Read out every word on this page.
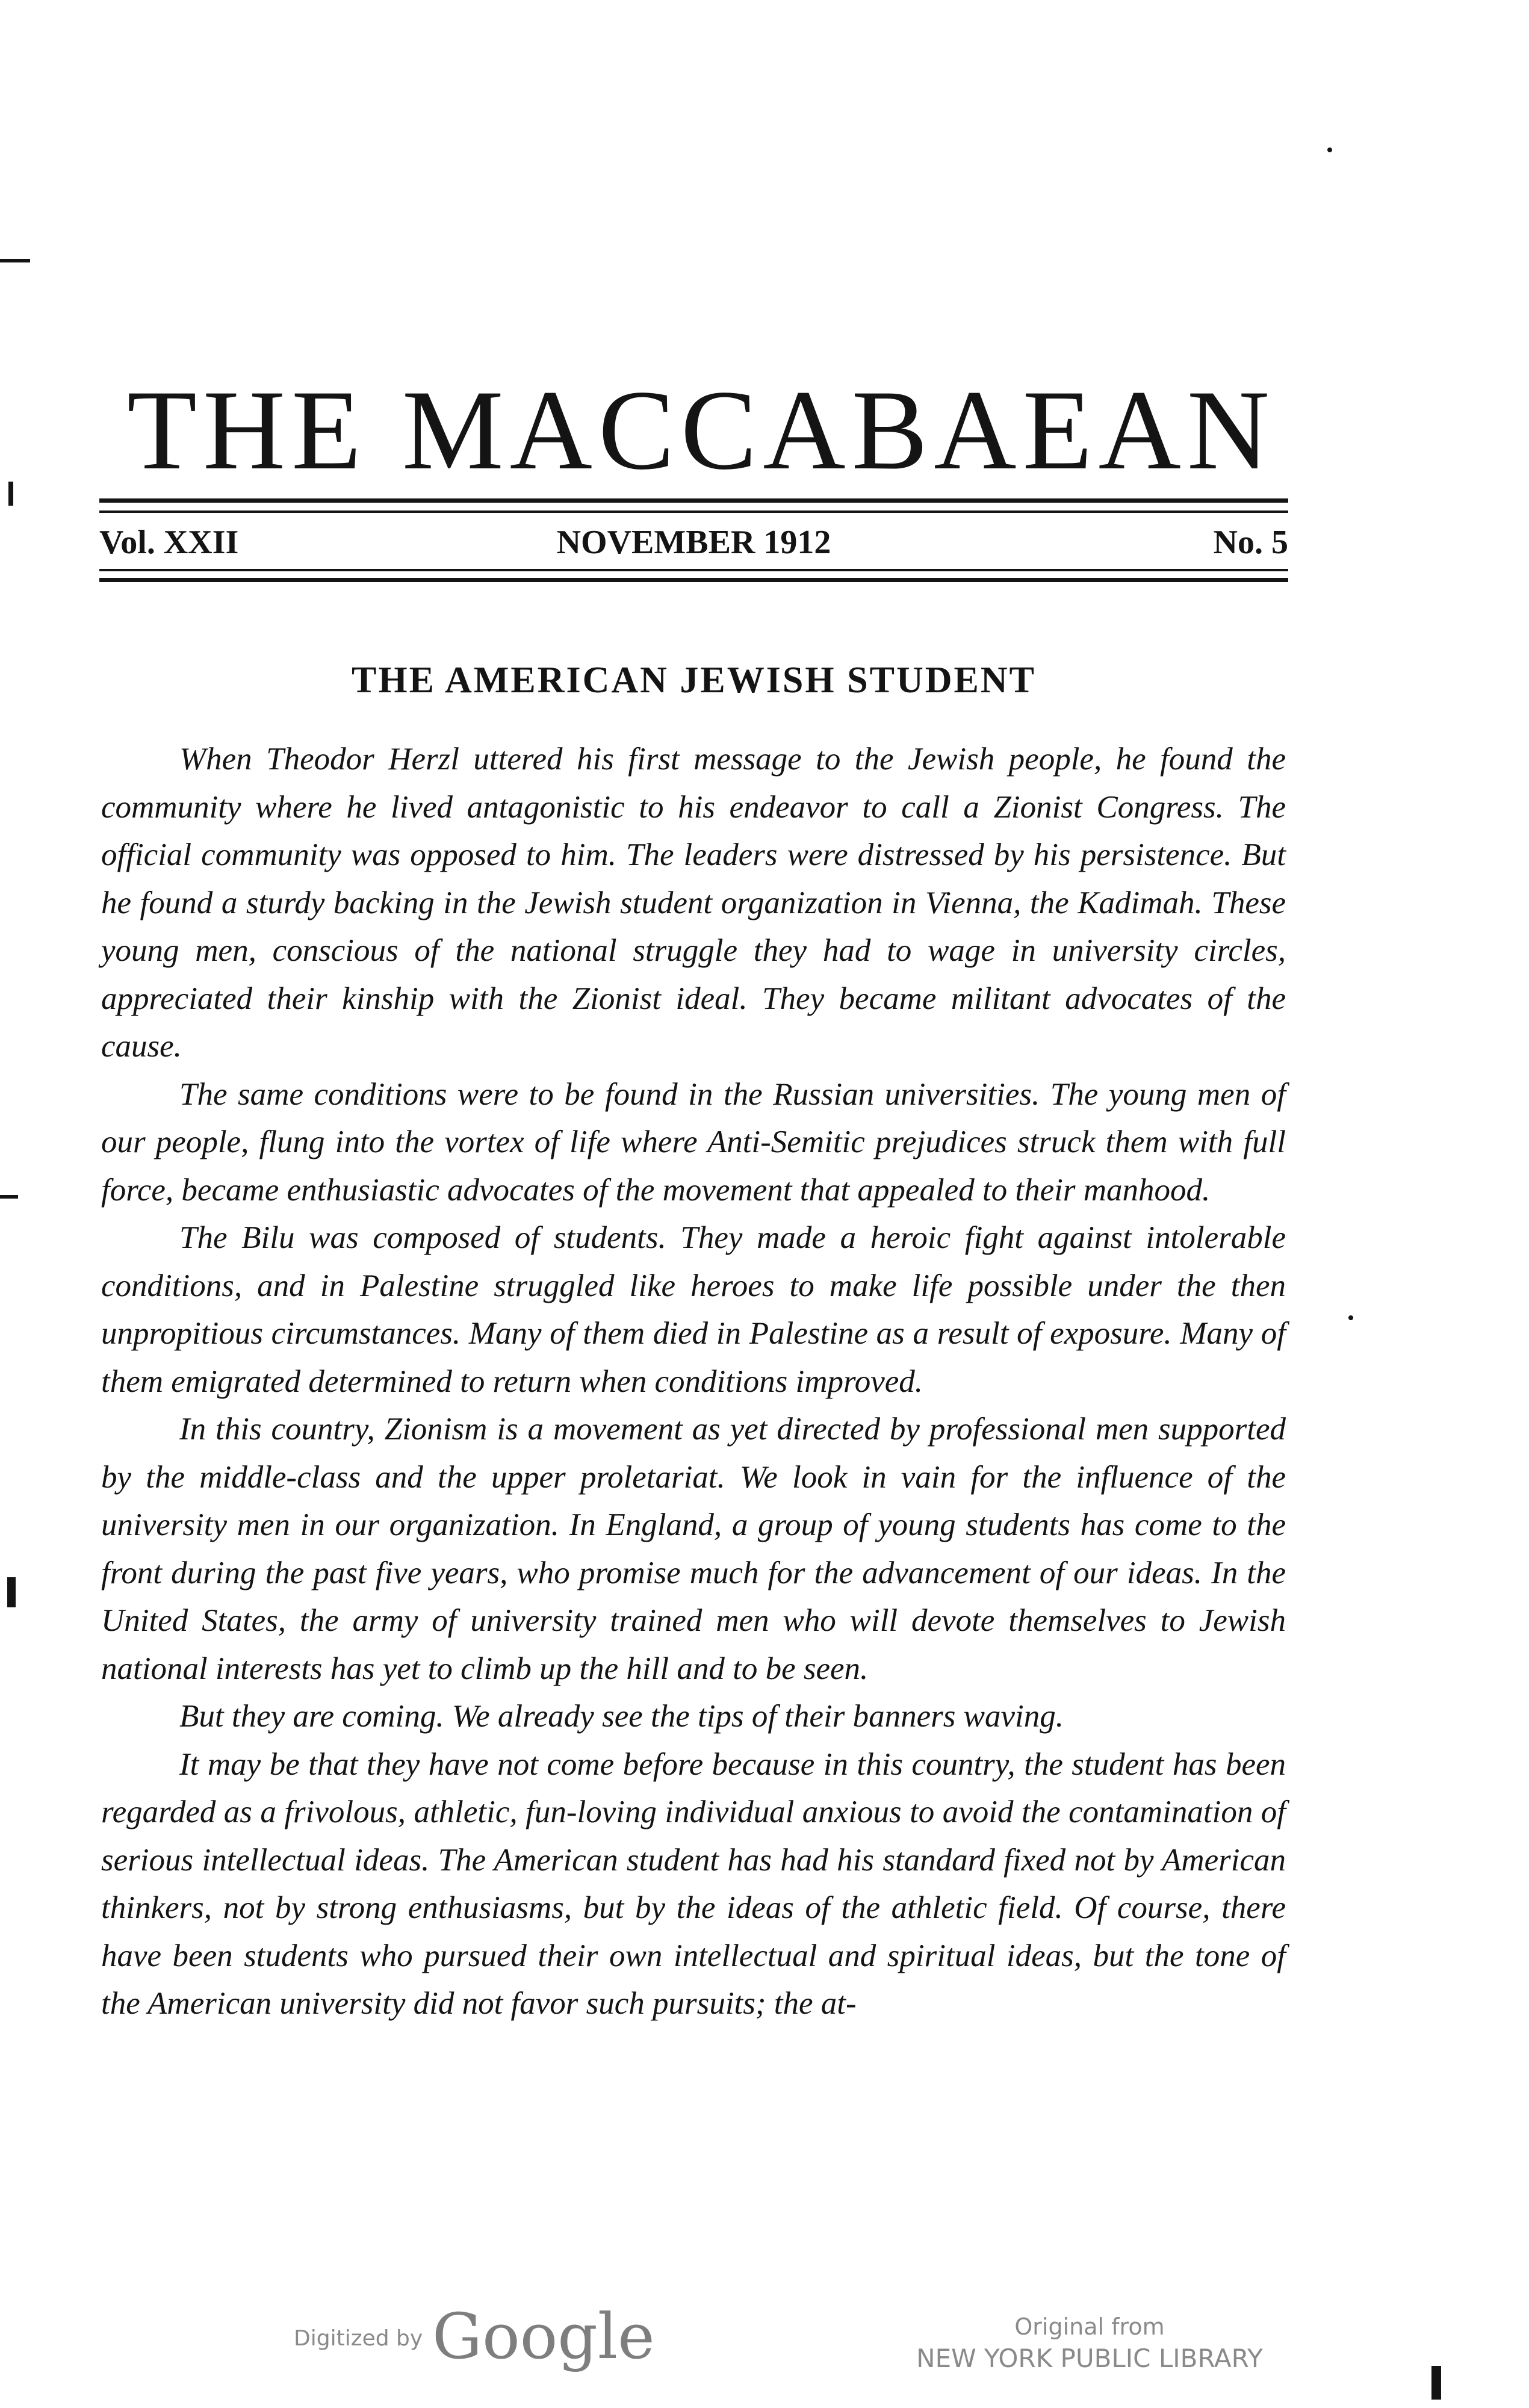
THE MACCABAEAN
Vol. XXII	NOVEMBER 1912	No. 5
THE AMERICAN JEWISH STUDENT

When Theodor Herzl uttered his first message to the Jewish people, he found the community where he lived antagonistic to his endeavor to call a Zionist Congress. The official community was opposed to him. The leaders were distressed by his persistence. But he found a sturdy backing in the Jewish student organization in Vienna, the Kadimah. These young men, conscious of the national struggle they had to wage in university circles, appreciated their kinship with the Zionist ideal. They became militant advocates of the cause.

The same conditions were to be found in the Russian universities. The young men of our people, flung into the vortex of life where Anti-Semitic prejudices struck them with full force, became enthusiastic advocates of the movement that appealed to their manhood.

The Bilu was composed of students. They made a heroic fight against intolerable conditions, and in Palestine struggled like heroes to make life possible under the then unpropitious circumstances. Many of them died in Palestine as a result of exposure. Many of them emigrated determined to return when conditions improved.

In this country, Zionism is a movement as yet directed by professional men supported by the middle-class and the upper proletariat. We look in vain for the influence of the university men in our organization. In England, a group of young students has come to the front during the past five years, who promise much for the advancement of our ideas. In the United States, the army of university trained men who will devote themselves to Jewish national interests has yet to climb up the hill and to be seen.

But they are coming. We already see the tips of their banners waving.

It may be that they have not come before because in this country, the student has been regarded as a frivolous, athletic, fun-loving individual anxious to avoid the contamination of serious intellectual ideas. The American student has had his standard fixed not by American thinkers, not by strong enthusiasms, but by the ideas of the athletic field. Of course, there have been students who pursued their own intellectual and spiritual ideas, but the tone of the American university did not favor such pursuits; the at-

Digitized by Google	Original from
NEW YORK PUBLIC LIBRARY
